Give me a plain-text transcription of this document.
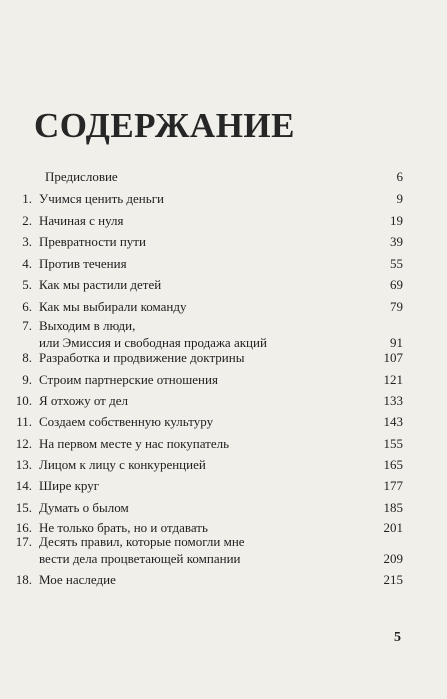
СОДЕРЖАНИЕ
Предисловие	6
1. Учимся ценить деньги	9
2. Начиная с нуля	19
3. Превратности пути	39
4. Против течения	55
5. Как мы растили детей	69
6. Как мы выбирали команду	79
7. Выходим в люди,
или Эмиссия и свободная продажа акций	91
8. Разработка и продвижение доктрины	107
9. Строим партнерские отношения	121
10. Я отхожу от дел	133
11. Создаем собственную культуру	143
12. На первом месте у нас покупатель	155
13. Лицом к лицу с конкуренцией	165
14. Шире круг	177
15. Думать о былом	185
16. Не только брать, но и отдавать	201
17. Десять правил, которые помогли мне
вести дела процветающей компании	209
18. Мое наследие	215
5
